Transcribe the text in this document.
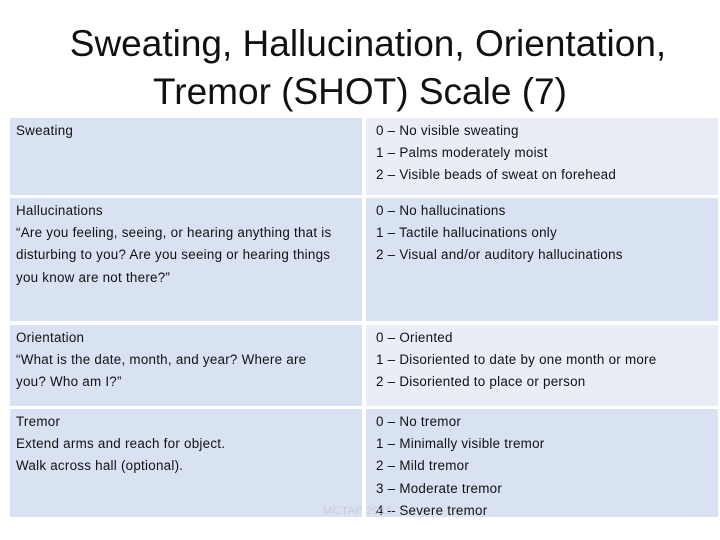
Sweating, Hallucination, Orientation,
Tremor (SHOT) Scale (7)
Sweating	0 – No visible sweating
1 – Palms moderately moist
2 – Visible beads of sweat on forehead
Hallucinations
“Are you feeling, seeing, or hearing anything that is
disturbing to you? Are you seeing or hearing things
you know are not there?”
0 – No hallucinations
1 – Tactile hallucinations only
2 – Visual and/or auditory hallucinations
Orientation
“What is the date, month, and year? Where are
you? Who am I?”
0 – Oriented
1 – Disoriented to date by one month or more
2 – Disoriented to place or person
Tremor
Extend arms and reach for object.
Walk across hall (optional).
0 – No tremor
1 – Minimally visible tremor
2 – Mild tremor
3 – Moderate tremor
4 – Severe tremor
MCTAP 2015
